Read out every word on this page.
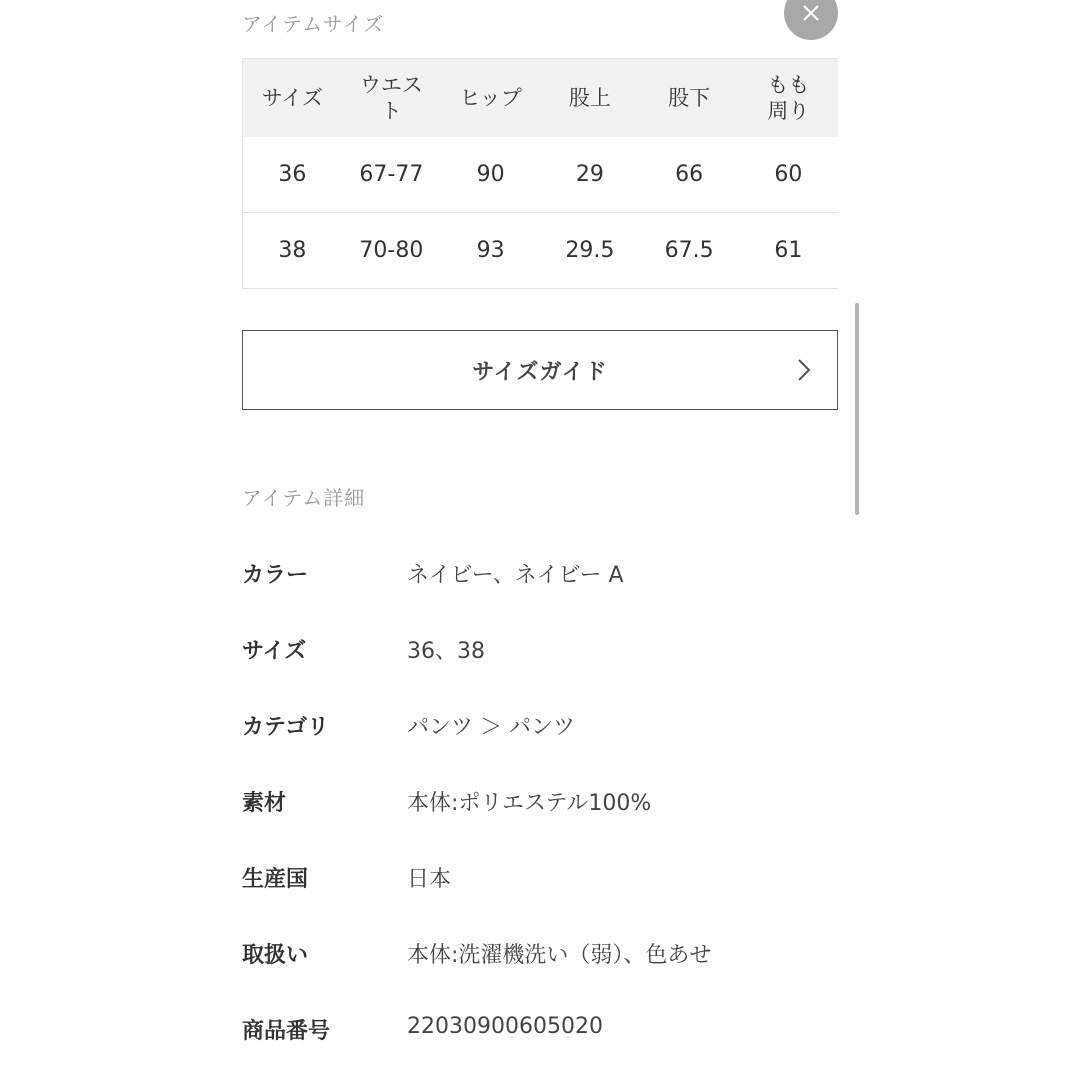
アイテムサイズ
サイズ	ウエスト	ヒップ	股上	股下	もも周り
36	67-77	90	29	66	60
38	70-80	93	29.5	67.5	61
サイズガイド
アイテム詳細
カラー	ネイビー、ネイビー A
サイズ	36、38
カテゴリ	パンツ ＞ パンツ
素材	本体:ポリエステル100%
生産国	日本
取扱い	本体:洗濯機洗い（弱）、色あせ
商品番号	22030900605020
